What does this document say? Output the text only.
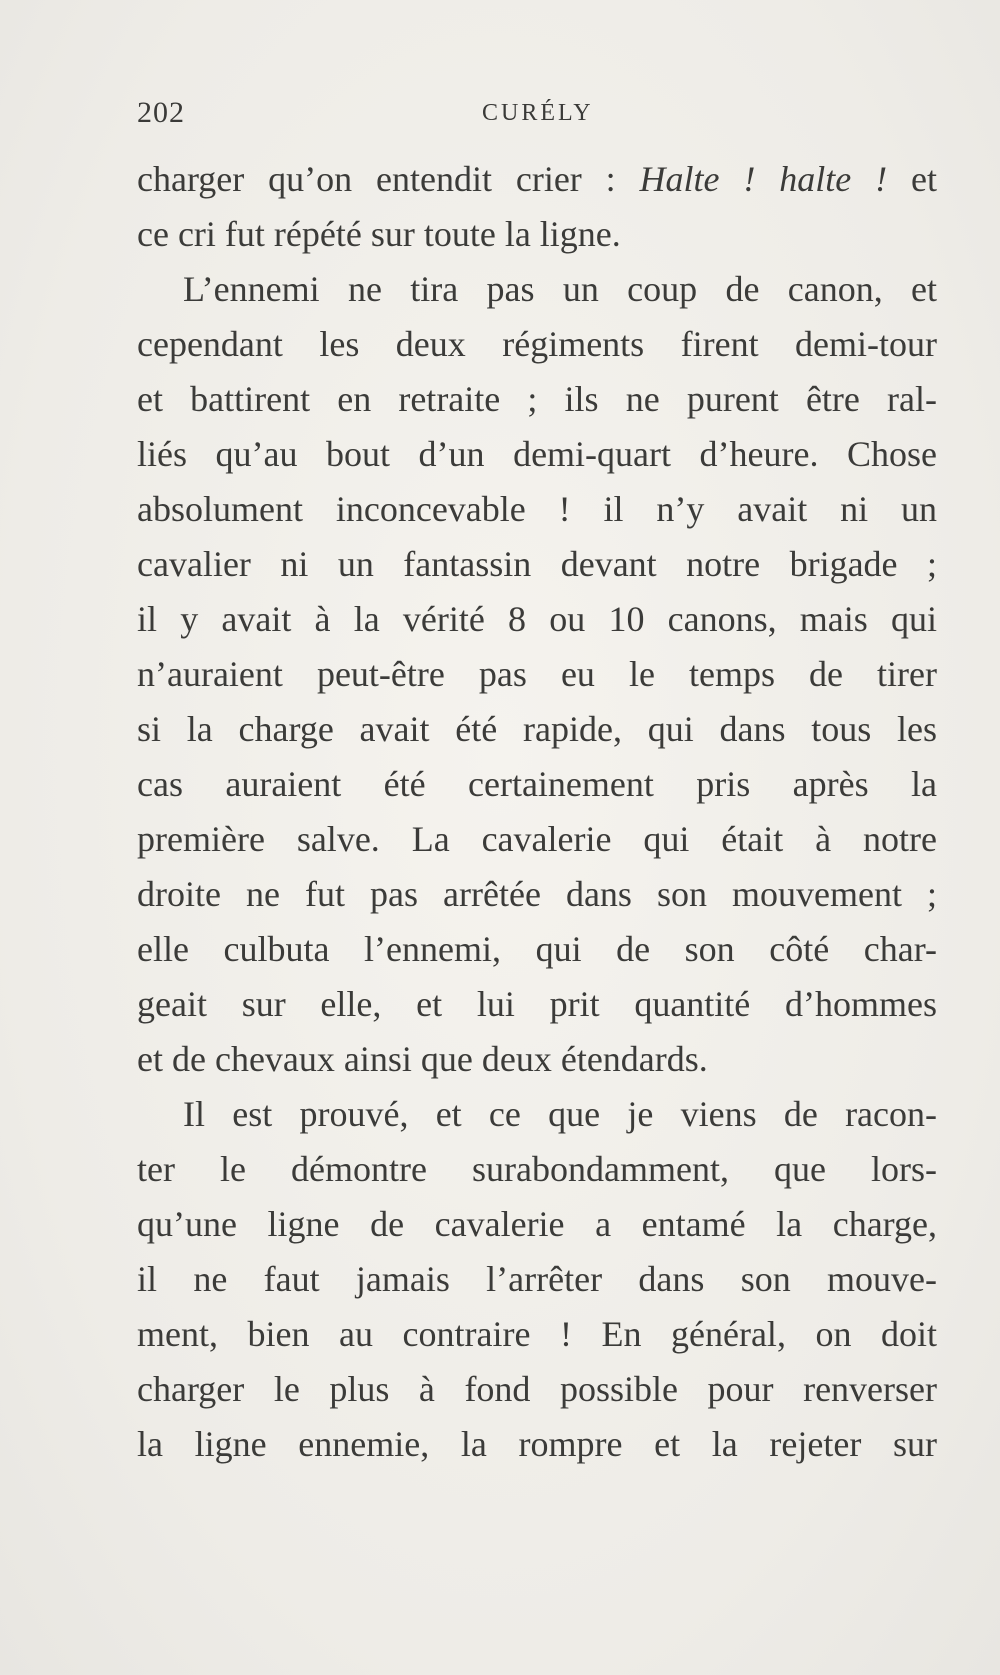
202	CURÉLY
charger qu’on entendit crier : Halte ! halte ! et
ce cri fut répété sur toute la ligne.
L’ennemi ne tira pas un coup de canon, et
cependant les deux régiments firent demi-tour
et battirent en retraite ; ils ne purent être ral-
liés qu’au bout d’un demi-quart d’heure. Chose
absolument inconcevable ! il n’y avait ni un
cavalier ni un fantassin devant notre brigade ;
il y avait à la vérité 8 ou 10 canons, mais qui
n’auraient peut-être pas eu le temps de tirer
si la charge avait été rapide, qui dans tous les
cas auraient été certainement pris après la
première salve. La cavalerie qui était à notre
droite ne fut pas arrêtée dans son mouvement ;
elle culbuta l’ennemi, qui de son côté char-
geait sur elle, et lui prit quantité d’hommes
et de chevaux ainsi que deux étendards.
Il est prouvé, et ce que je viens de racon-
ter le démontre surabondamment, que lors-
qu’une ligne de cavalerie a entamé la charge,
il ne faut jamais l’arrêter dans son mouve-
ment, bien au contraire ! En général, on doit
charger le plus à fond possible pour renverser
la ligne ennemie, la rompre et la rejeter sur
